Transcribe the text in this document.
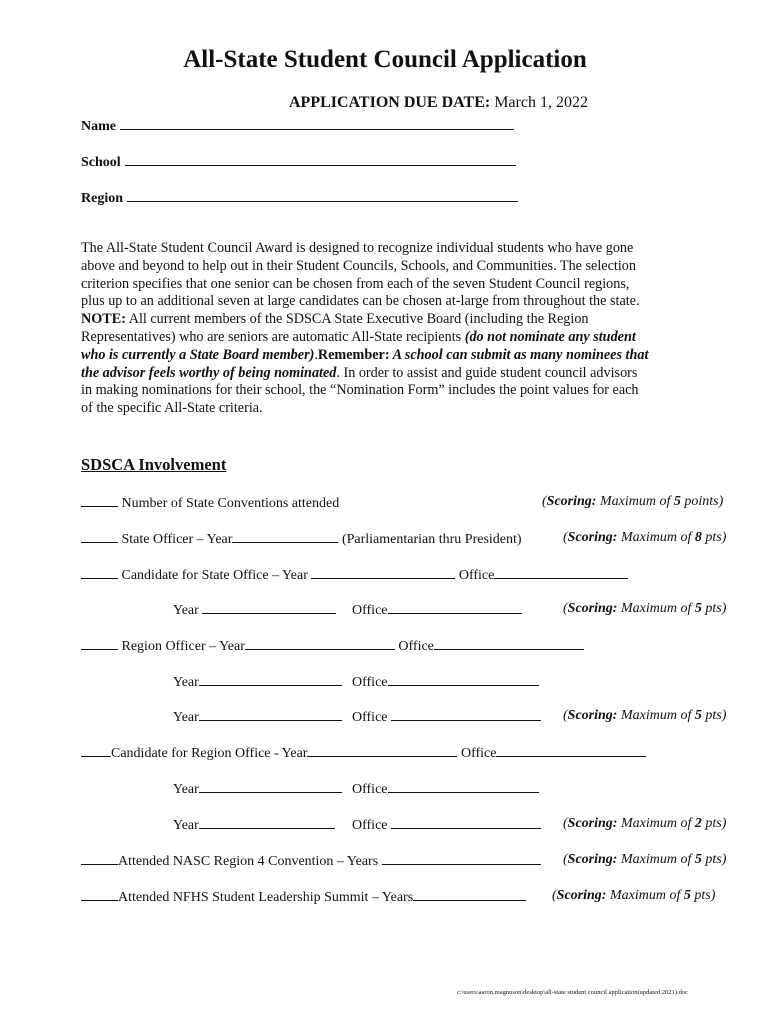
All-State Student Council Application
APPLICATION DUE DATE: March 1, 2022
Name
School
Region
The All-State Student Council Award is designed to recognize individual students who have gone
above and beyond to help out in their Student Councils, Schools, and Communities. The selection
criterion specifies that one senior can be chosen from each of the seven Student Council regions,
plus up to an additional seven at large candidates can be chosen at-large from throughout the state.
NOTE: All current members of the SDSCA State Executive Board (including the Region
Representatives) who are seniors are automatic All-State recipients (do not nominate any student
who is currently a State Board member).Remember: A school can submit as many nominees that
the advisor feels worthy of being nominated. In order to assist and guide student council advisors
in making nominations for their school, the “Nomination Form” includes the point values for each
of the specific All-State criteria.
SDSCA Involvement
Number of State Conventions attended	(Scoring: Maximum of 5 points)
State Officer – Year	(Parliamentarian thru President)	(Scoring: Maximum of 8 pts)
Candidate for State Office – Year	Office
Year	Office	(Scoring: Maximum of 5 pts)
Region Officer – Year	Office
Year	Office
Year	Office	(Scoring: Maximum of 5 pts)
Candidate for Region Office - Year	Office
Year	Office
Year	Office	(Scoring: Maximum of 2 pts)
Attended NASC Region 4 Convention – Years	(Scoring: Maximum of 5 pts)
Attended NFHS Student Leadership Summit – Years	(Scoring: Maximum of 5 pts)
c:\users\aaron.magnuson\desktop\all-state student council application(updated 2021).doc
